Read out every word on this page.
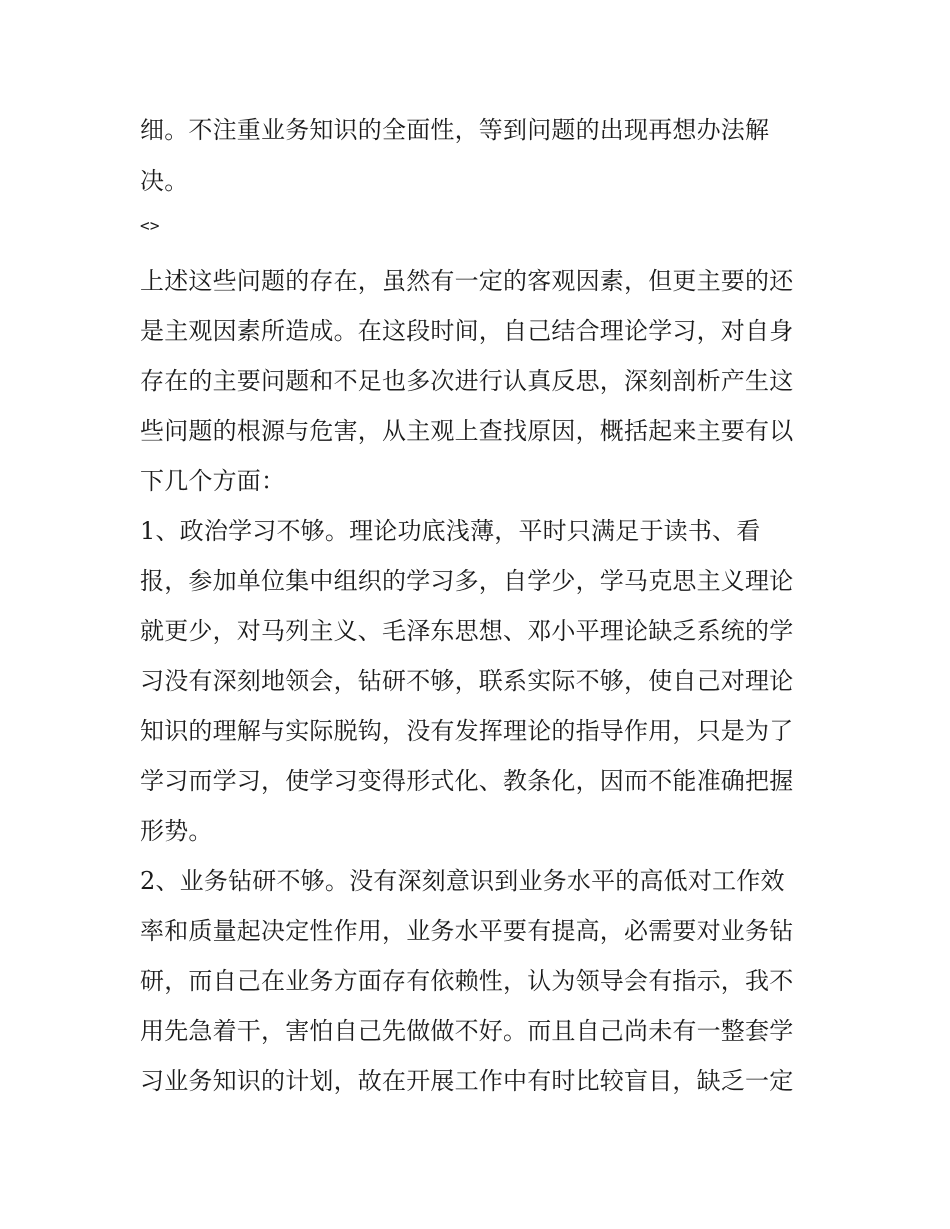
细。不注重业务知识的全面性，等到问题的出现再想办法解
决。
<>
上述这些问题的存在，虽然有一定的客观因素，但更主要的还
是主观因素所造成。在这段时间，自己结合理论学习，对自身
存在的主要问题和不足也多次进行认真反思，深刻剖析产生这
些问题的根源与危害，从主观上查找原因，概括起来主要有以
下几个方面：
1、政治学习不够。理论功底浅薄，平时只满足于读书、看
报，参加单位集中组织的学习多，自学少，学马克思主义理论
就更少，对马列主义、毛泽东思想、邓小平理论缺乏系统的学
习没有深刻地领会，钻研不够，联系实际不够，使自己对理论
知识的理解与实际脱钩，没有发挥理论的指导作用，只是为了
学习而学习，使学习变得形式化、教条化，因而不能准确把握
形势。
2、业务钻研不够。没有深刻意识到业务水平的高低对工作效
率和质量起决定性作用，业务水平要有提高，必需要对业务钻
研，而自己在业务方面存有依赖性，认为领导会有指示，我不
用先急着干，害怕自己先做做不好。而且自己尚未有一整套学
习业务知识的计划，故在开展工作中有时比较盲目，缺乏一定
